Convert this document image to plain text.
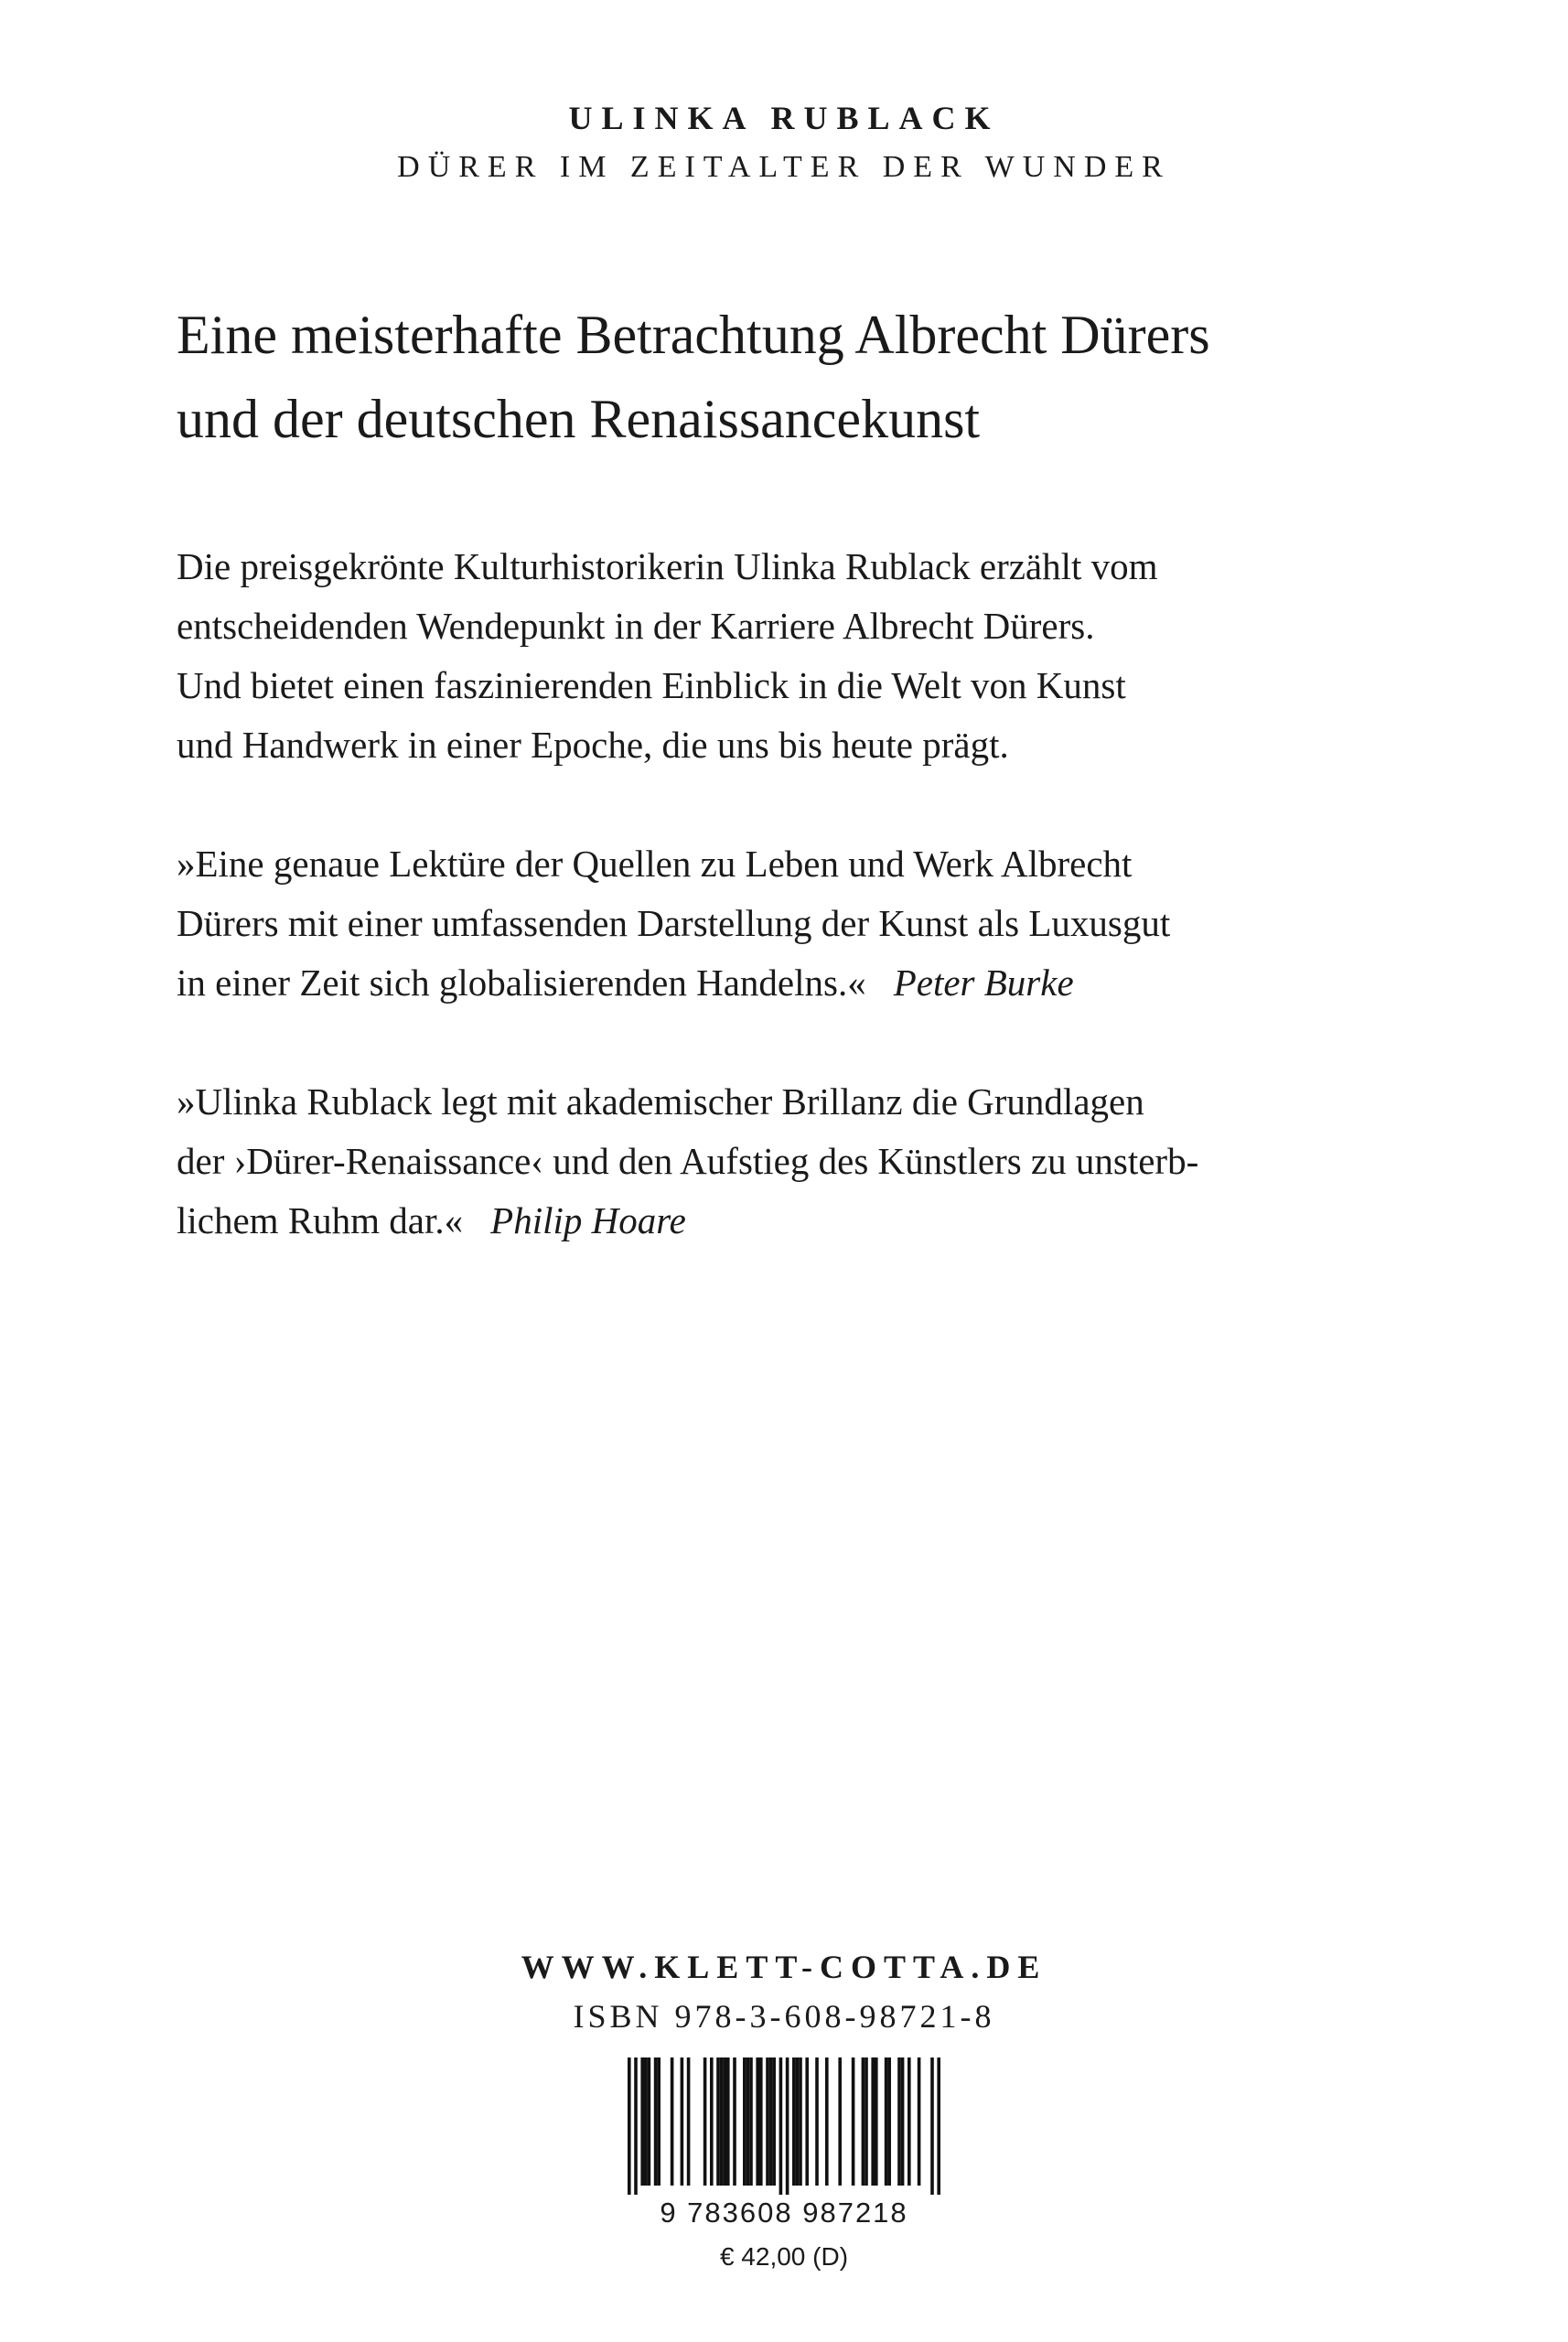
ULINKA RUBLACK
DÜRER IM ZEITALTER DER WUNDER
Eine meisterhafte Betrachtung Albrecht Dürers
und der deutschen Renaissancekunst

Die preisgekrönte Kulturhistorikerin Ulinka Rublack erzählt vom
entscheidenden Wendepunkt in der Karriere Albrecht Dürers.
Und bietet einen faszinierenden Einblick in die Welt von Kunst
und Handwerk in einer Epoche, die uns bis heute prägt.

»Eine genaue Lektüre der Quellen zu Leben und Werk Albrecht
Dürers mit einer umfassenden Darstellung der Kunst als Luxusgut
in einer Zeit sich globalisierenden Handelns.« Peter Burke

»Ulinka Rublack legt mit akademischer Brillanz die Grundlagen
der ›Dürer-Renaissance‹ und den Aufstieg des Künstlers zu unsterb-
lichem Ruhm dar.« Philip Hoare

WWW.KLETT-COTTA.DE
ISBN 978-3-608-98721-8
9 783608 987218
€ 42,00 (D)
